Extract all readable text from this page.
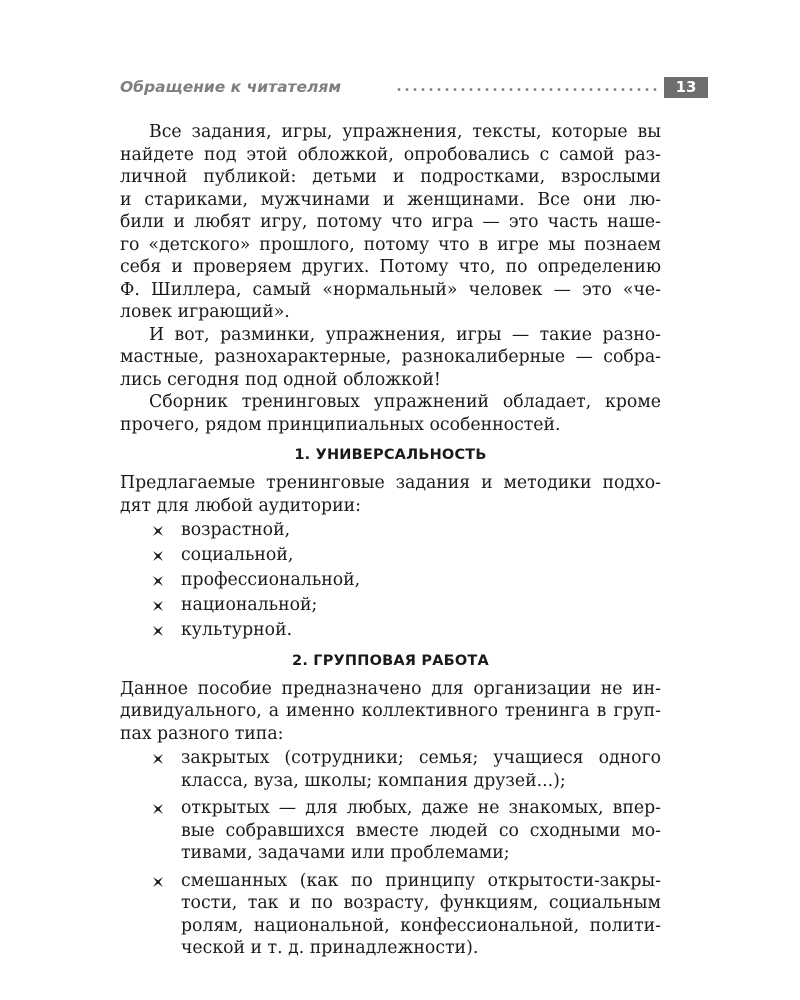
Обращение к читателям	13

Все задания, игры, упражнения, тексты, которые вы
найдете под этой обложкой, опробовались с самой раз-
личной публикой: детьми и подростками, взрослыми
и стариками, мужчинами и женщинами. Все они лю-
били и любят игру, потому что игра — это часть наше-
го «детского» прошлого, потому что в игре мы познаем
себя и проверяем других. Потому что, по определению
Ф. Шиллера, самый «нормальный» человек — это «че-
ловек играющий».

И вот, разминки, упражнения, игры — такие разно-
мастные, разнохарактерные, разнокалиберные — собра-
лись сегодня под одной обложкой!

Сборник тренинговых упражнений обладает, кроме
прочего, рядом принципиальных особенностей.

1. УНИВЕРСАЛЬНОСТЬ

Предлагаемые тренинговые задания и методики подхо-
дят для любой аудитории:

возрастной,
социальной,
профессиональной,
национальной;
культурной.
2. ГРУППОВАЯ РАБОТА

Данное пособие предназначено для организации не ин-
дивидуального, а именно коллективного тренинга в груп-
пах разного типа:

закрытых (сотрудники; семья; учащиеся одного
класса, вуза, школы; компания друзей...);
открытых — для любых, даже не знакомых, впер-
вые собравшихся вместе людей со сходными мо-
тивами, задачами или проблемами;
смешанных (как по принципу открытости-закры-
тости, так и по возрасту, функциям, социальным
ролям, национальной, конфессиональной, полити-
ческой и т. д. принадлежности).
